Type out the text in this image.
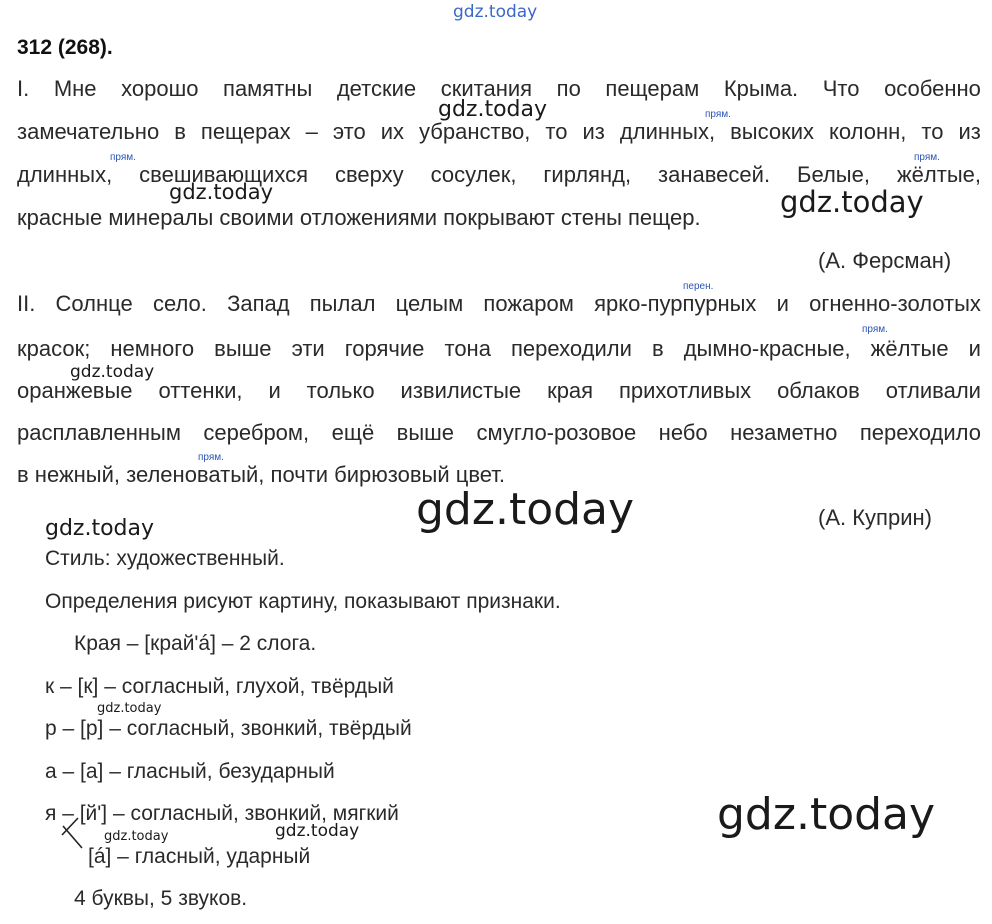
gdz.today
312 (268).
I. Мне хорошо памятны детские скитания по пещерам Крыма. Что особенно
замечательно в пещерах – это их убранство, то из длинных, высоких колонн, то из
длинных, свешивающихся сверху сосулек, гирлянд, занавесей. Белые, жёлтые,
красные минералы своими отложениями покрывают стены пещер.
(А. Ферсман)
II. Солнце село. Запад пылал целым пожаром ярко-пурпурных и огненно-золотых
красок; немного выше эти горячие тона переходили в дымно-красные, жёлтые и
оранжевые оттенки, и только извилистые края прихотливых облаков отливали
расплавленным серебром, ещё выше смугло-розовое небо незаметно переходило
в нежный, зеленоватый, почти бирюзовый цвет.
(А. Куприн)
прям.
прям.	прям.
перен.
прям.
прям.
Стиль: художественный.
Определения рисуют картину, показывают признаки.
Края – [край'á] – 2 слога.
к – [к] – согласный, глухой, твёрдый
р – [р] – согласный, звонкий, твёрдый
а – [а] – гласный, безударный
я – [й'] – согласный, звонкий, мягкий
[á] – гласный, ударный
4 буквы, 5 звуков.
gdz.today
gdz.today	gdz.today
gdz.today
gdz.today
gdz.today
gdz.today
gdz.today
gdz.today	gdz.today
